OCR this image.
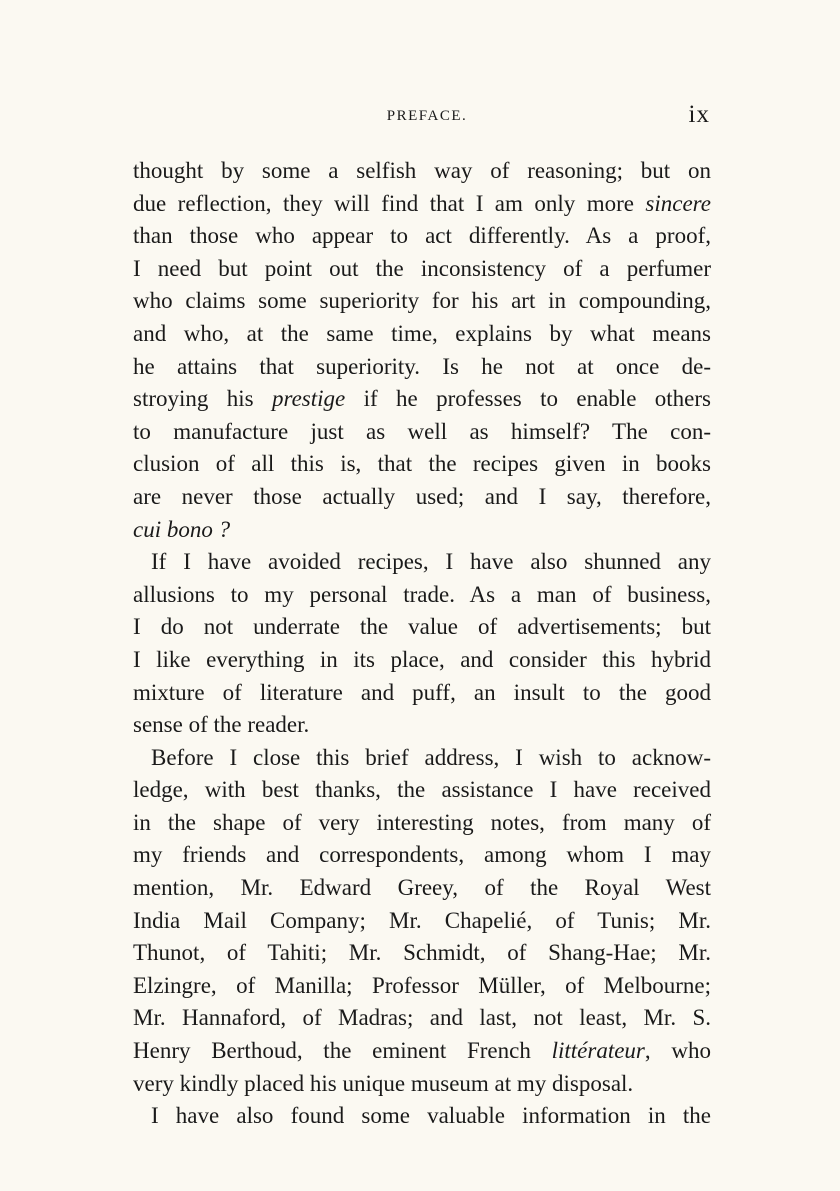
PREFACE.	ix
thought by some a selfish way of reasoning; but on
due reflection, they will find that I am only more sincere
than those who appear to act differently. As a proof,
I need but point out the inconsistency of a perfumer
who claims some superiority for his art in compounding,
and who, at the same time, explains by what means
he attains that superiority. Is he not at once de-
stroying his prestige if he professes to enable others
to manufacture just as well as himself? The con-
clusion of all this is, that the recipes given in books
are never those actually used; and I say, therefore,
cui bono ?
If I have avoided recipes, I have also shunned any
allusions to my personal trade. As a man of business,
I do not underrate the value of advertisements; but
I like everything in its place, and consider this hybrid
mixture of literature and puff, an insult to the good
sense of the reader.
Before I close this brief address, I wish to acknow-
ledge, with best thanks, the assistance I have received
in the shape of very interesting notes, from many of
my friends and correspondents, among whom I may
mention, Mr. Edward Greey, of the Royal West
India Mail Company; Mr. Chapelié, of Tunis; Mr.
Thunot, of Tahiti; Mr. Schmidt, of Shang-Hae; Mr.
Elzingre, of Manilla; Professor Müller, of Melbourne;
Mr. Hannaford, of Madras; and last, not least, Mr. S.
Henry Berthoud, the eminent French littérateur, who
very kindly placed his unique museum at my disposal.
I have also found some valuable information in the
